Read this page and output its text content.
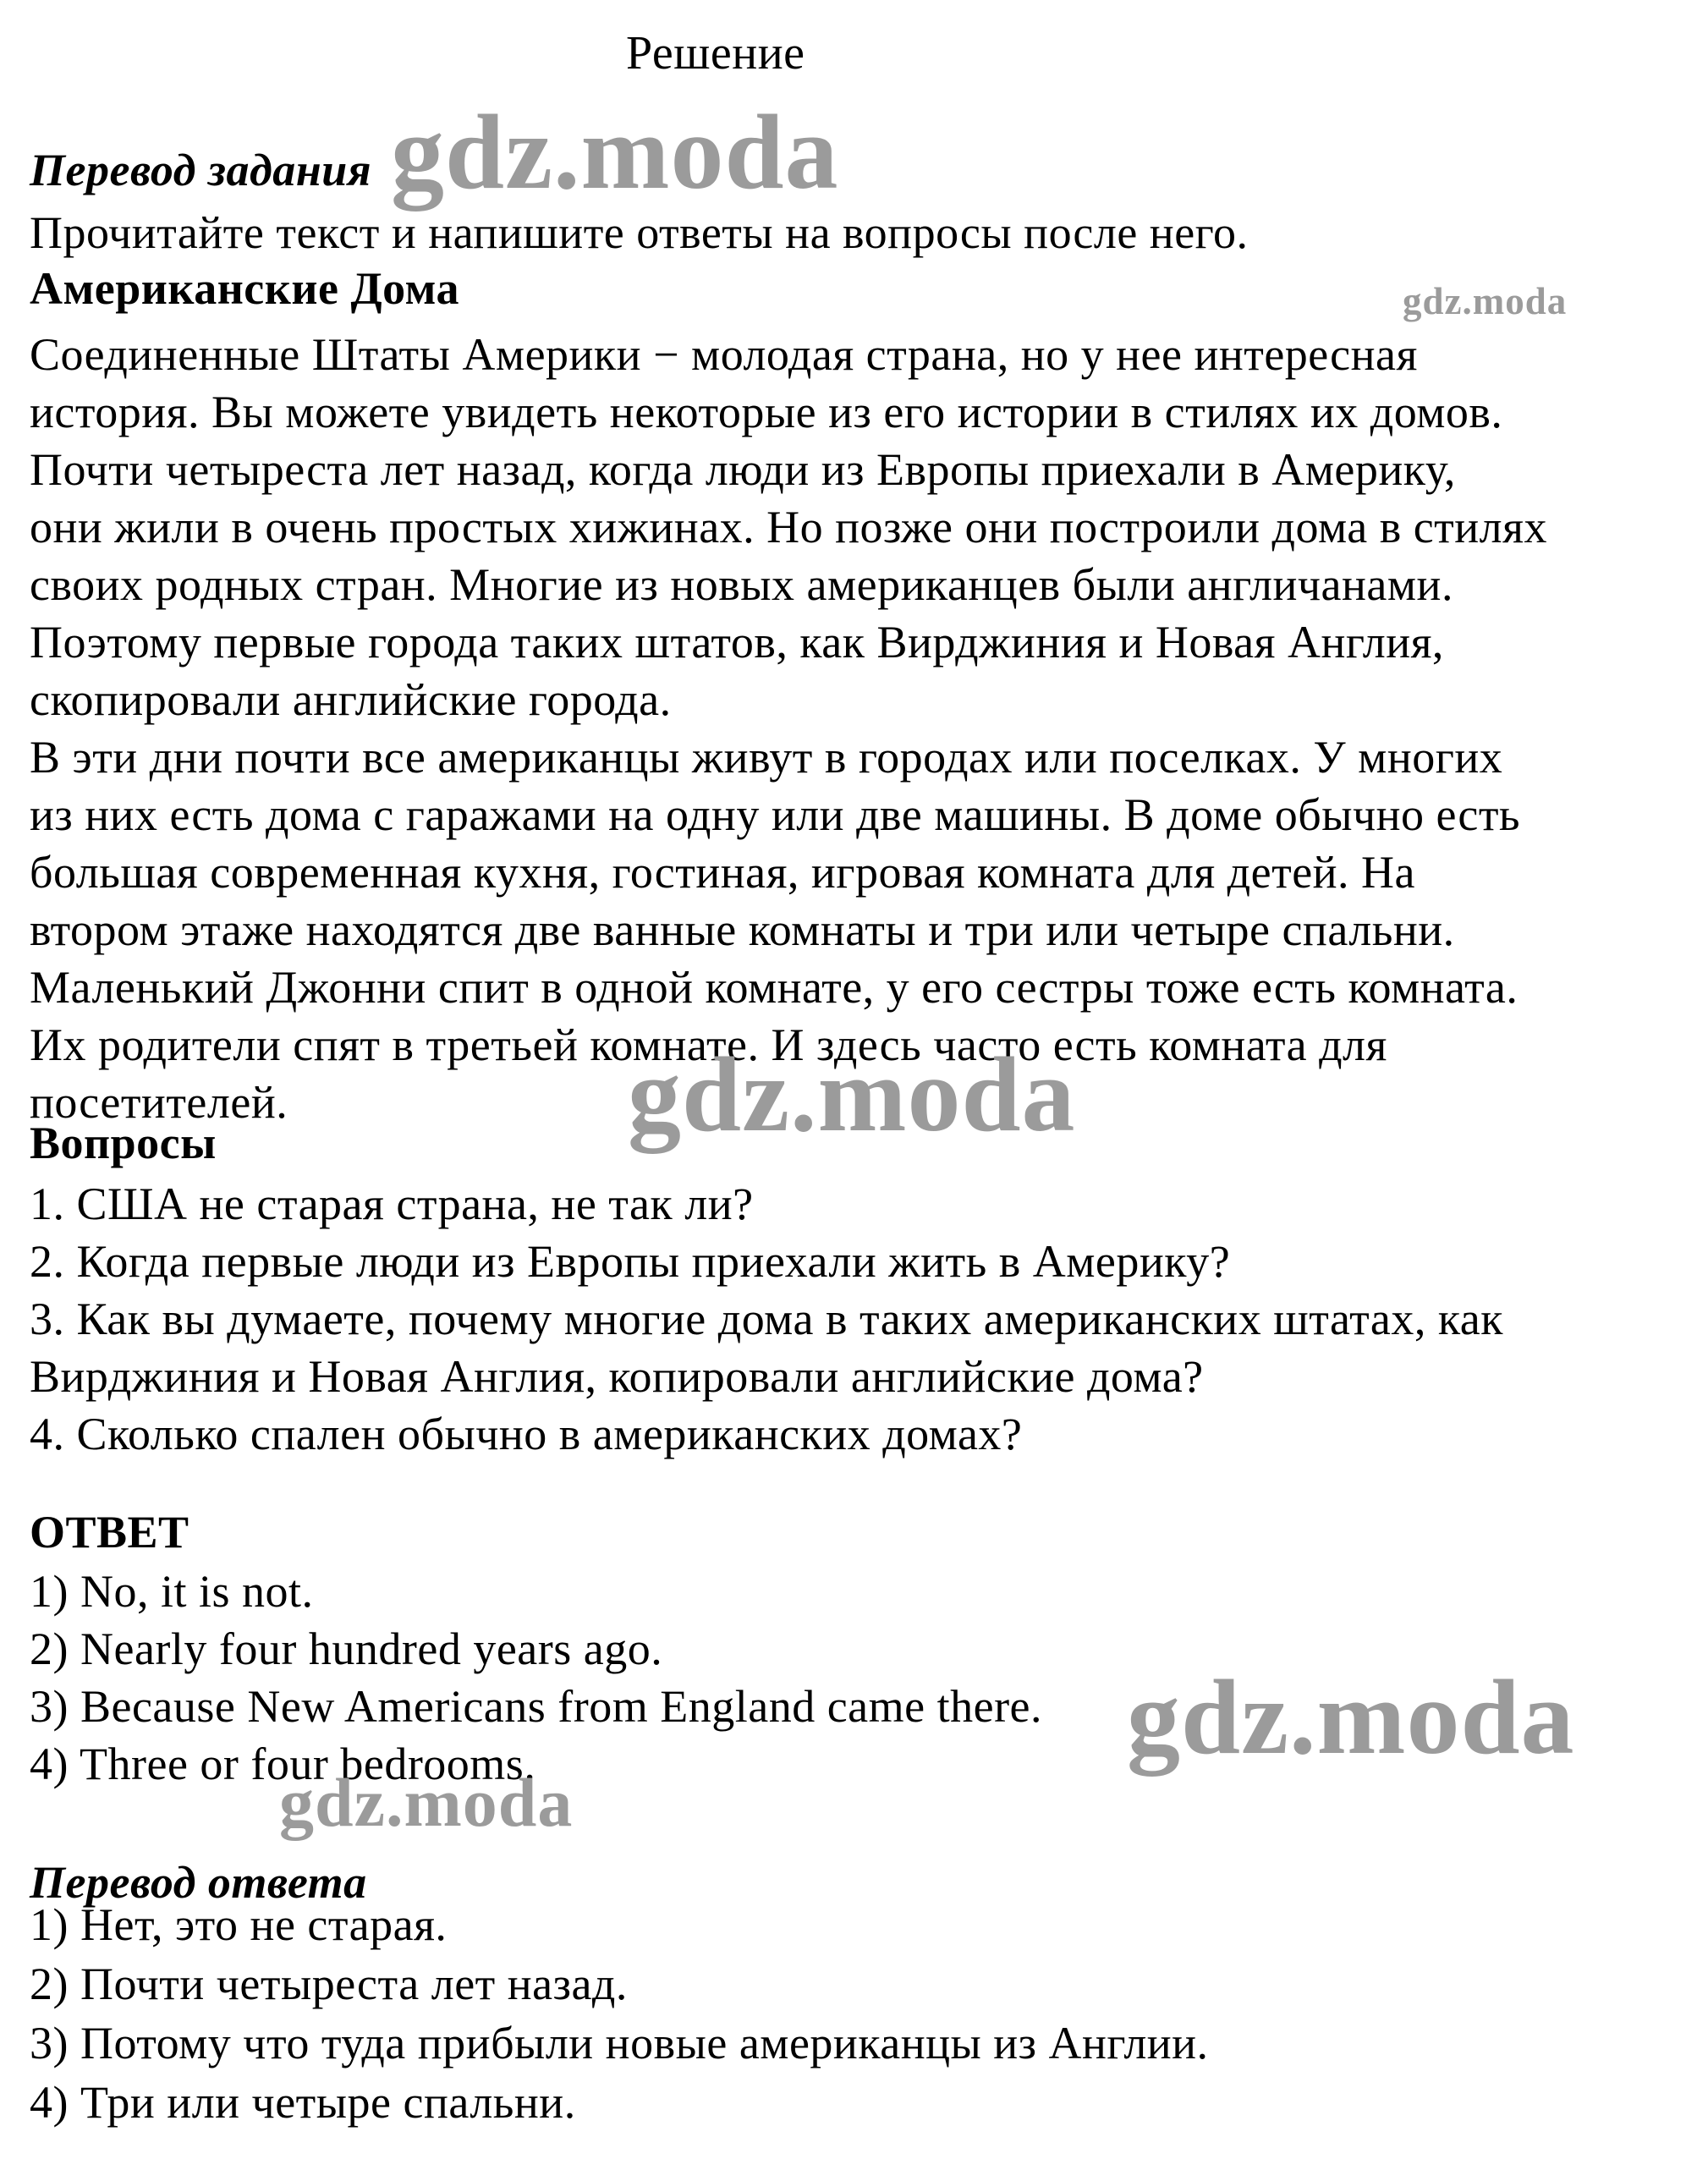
Решение
gdz.moda
Перевод задания
Прочитайте текст и напишите ответы на вопросы после него.
gdz.moda
Американские Дома
Соединенные Штаты Америки − молодая страна, но у нее интересная
история. Вы можете увидеть некоторые из его истории в стилях их домов.
Почти четыреста лет назад, когда люди из Европы приехали в Америку,
они жили в очень простых хижинах. Но позже они построили дома в стилях
своих родных стран. Многие из новых американцев были англичанами.
Поэтому первые города таких штатов, как Вирджиния и Новая Англия,
скопировали английские города.
В эти дни почти все американцы живут в городах или поселках. У многих
из них есть дома с гаражами на одну или две машины. В доме обычно есть
большая современная кухня, гостиная, игровая комната для детей. На
втором этаже находятся две ванные комнаты и три или четыре спальни.
Маленький Джонни спит в одной комнате, у его сестры тоже есть комната.
Их родители спят в третьей комнате. И здесь часто есть комната для
посетителей.	gdz.moda
Вопросы
1. США не старая страна, не так ли?
2. Когда первые люди из Европы приехали жить в Америку?
3. Как вы думаете, почему многие дома в таких американских штатах, как
Вирджиния и Новая Англия, копировали английские дома?
4. Сколько спален обычно в американских домах?
ОТВЕТ
1) No, it is not.
2) Nearly four hundred years ago.
3) Because New Americans from England came there.
4) Three or four bedrooms.	gdz.moda
gdz.moda
Перевод ответа
1) Нет, это не старая.
2) Почти четыреста лет назад.
3) Потому что туда прибыли новые американцы из Англии.
4) Три или четыре спальни.
